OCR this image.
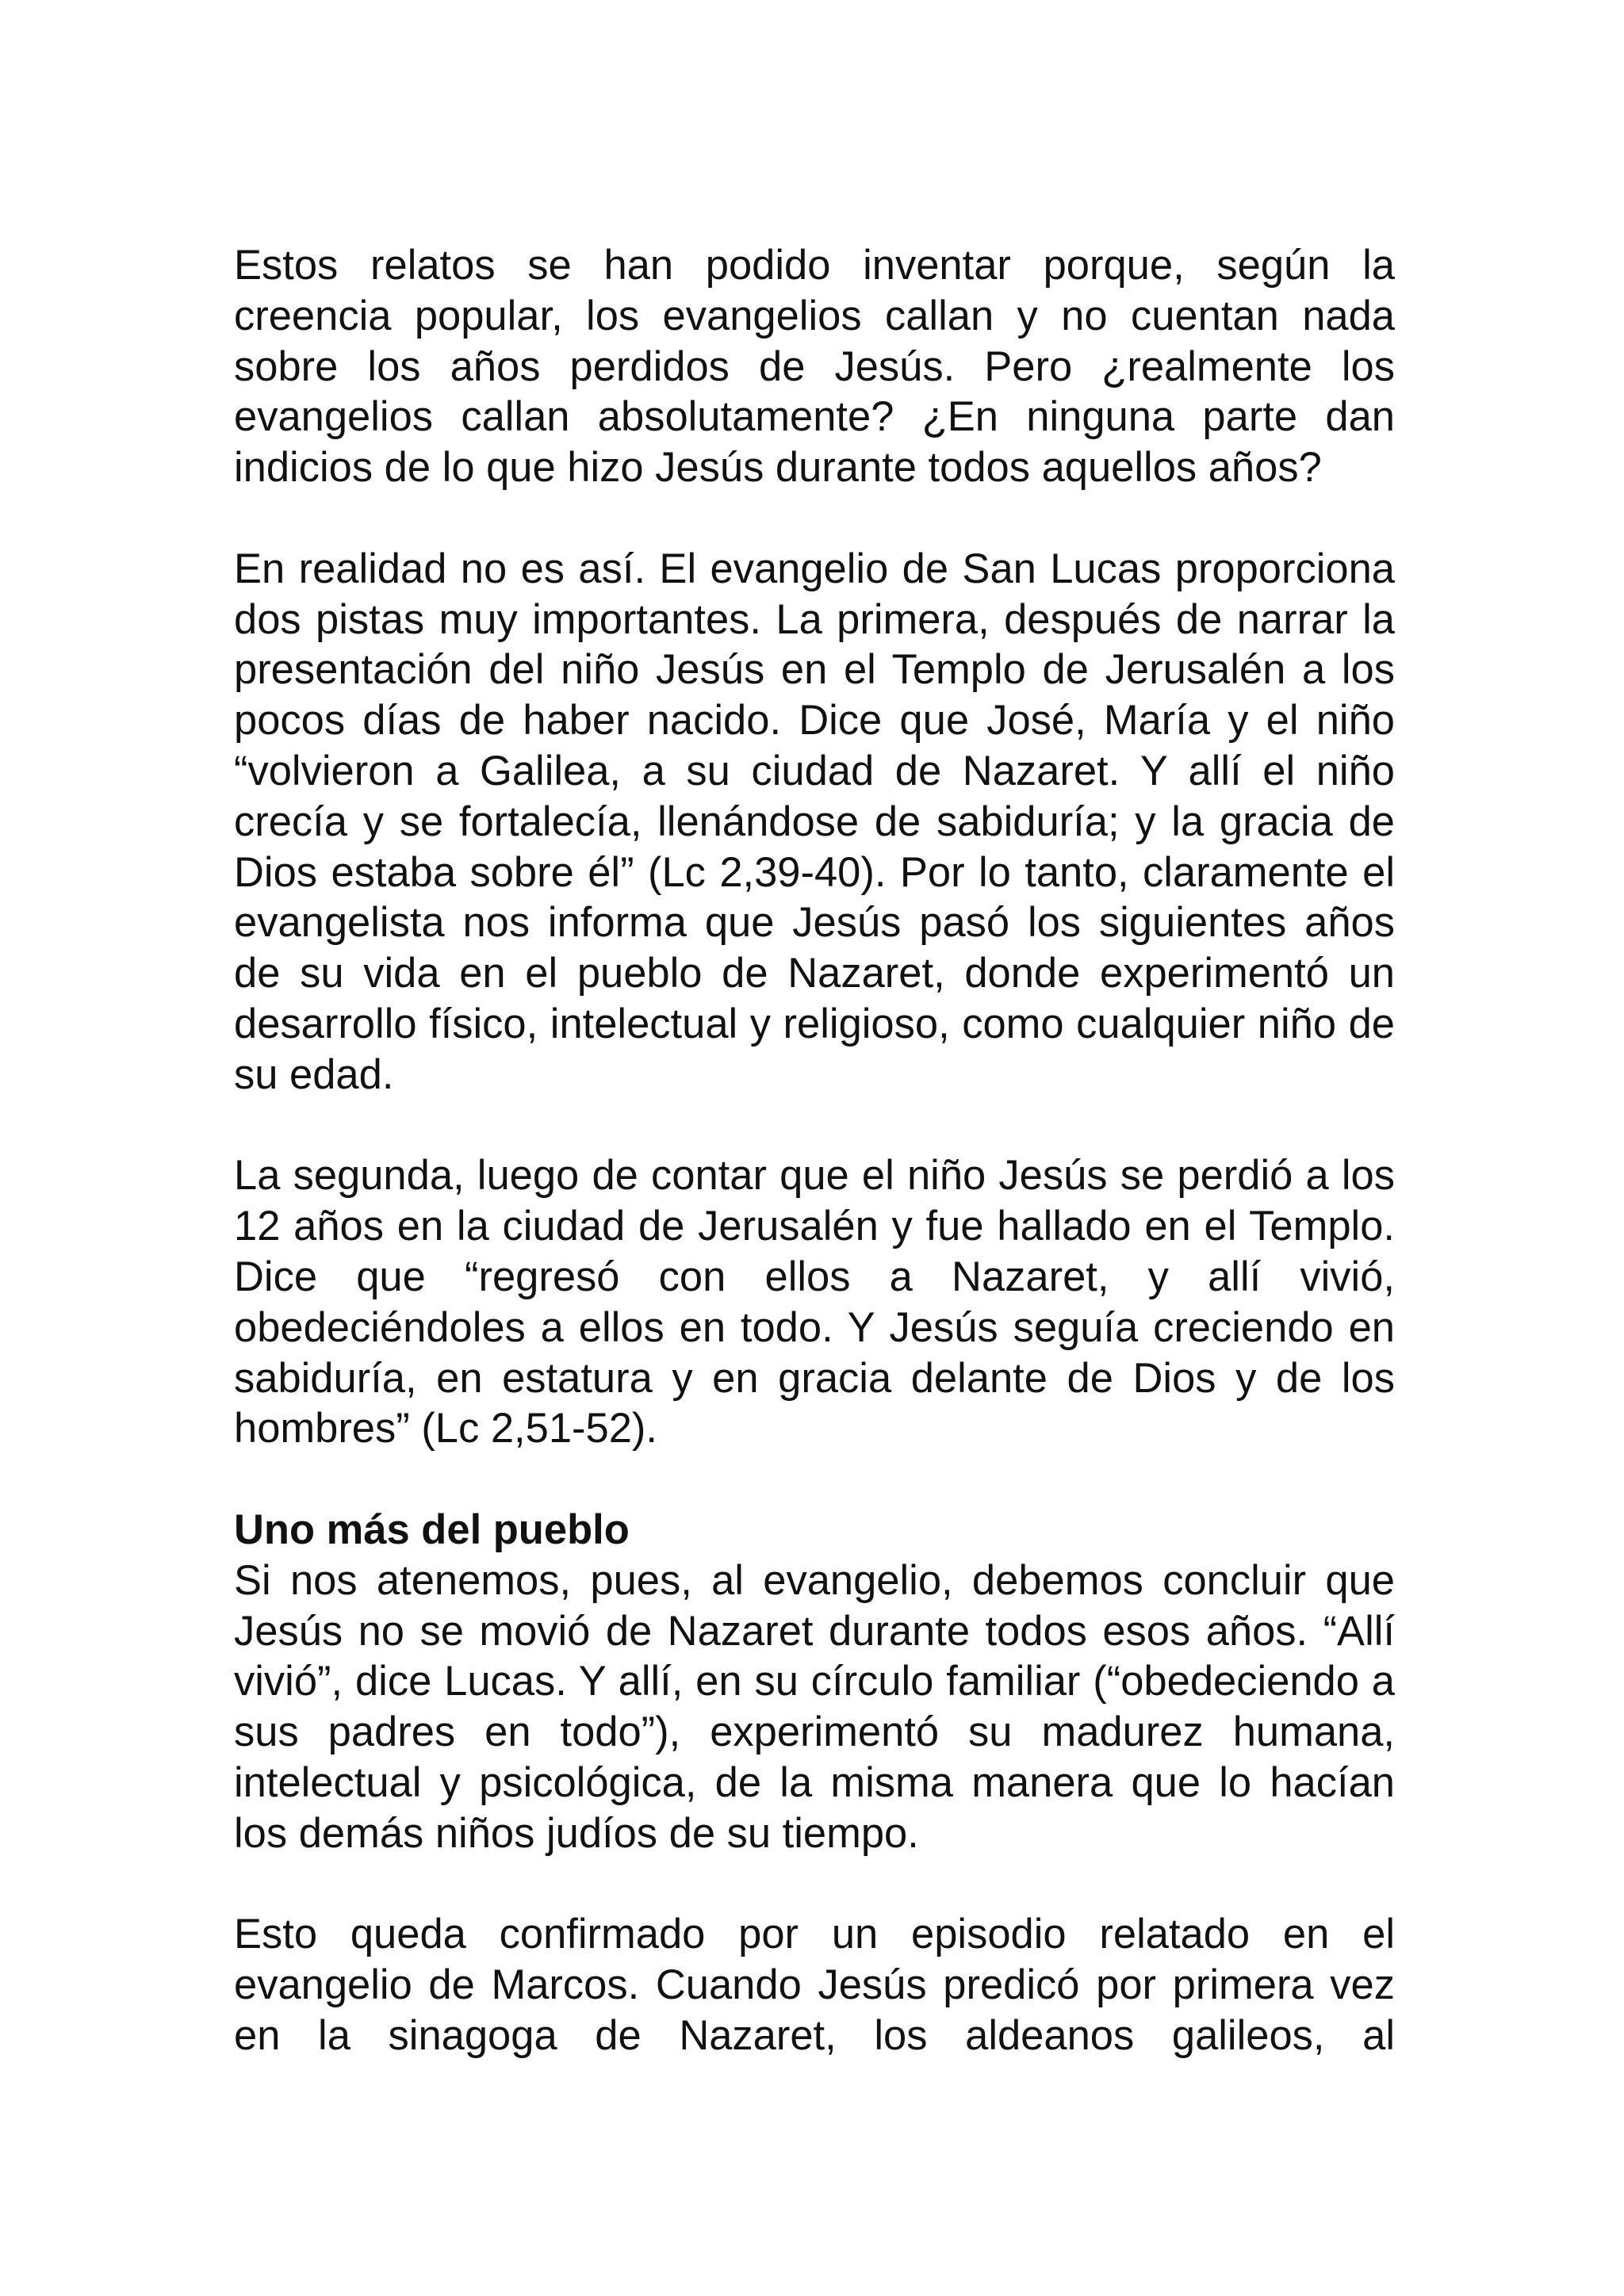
Estos relatos se han podido inventar porque, según la creencia popular, los evangelios callan y no cuentan nada sobre los años perdidos de Jesús. Pero ¿realmente los evangelios callan absolutamente? ¿En ninguna parte dan indicios de lo que hizo Jesús durante todos aquellos años?

En realidad no es así. El evangelio de San Lucas proporciona dos pistas muy importantes. La primera, después de narrar la presentación del niño Jesús en el Templo de Jerusalén a los pocos días de haber nacido. Dice que José, María y el niño “volvieron a Galilea, a su ciudad de Nazaret. Y allí el niño crecía y se fortalecía, llenándose de sabiduría; y la gracia de Dios estaba sobre él” (Lc 2,39-40). Por lo tanto, claramente el evangelista nos informa que Jesús pasó los siguientes años de su vida en el pueblo de Nazaret, donde experimentó un desarrollo físico, intelectual y religioso, como cualquier niño de su edad.

La segunda, luego de contar que el niño Jesús se perdió a los 12 años en la ciudad de Jerusalén y fue hallado en el Templo. Dice que “regresó con ellos a Nazaret, y allí vivió, obedeciéndoles a ellos en todo. Y Jesús seguía creciendo en sabiduría, en estatura y en gracia delante de Dios y de los hombres” (Lc 2,51-52).

Uno más del pueblo

Si nos atenemos, pues, al evangelio, debemos concluir que Jesús no se movió de Nazaret durante todos esos años. “Allí vivió”, dice Lucas. Y allí, en su círculo familiar (“obedeciendo a sus padres en todo”), experimentó su madurez humana, intelectual y psicológica, de la misma manera que lo hacían los demás niños judíos de su tiempo.

Esto queda confirmado por un episodio relatado en el evangelio de Marcos. Cuando Jesús predicó por primera vez en la sinagoga de Nazaret, los aldeanos galileos, al
